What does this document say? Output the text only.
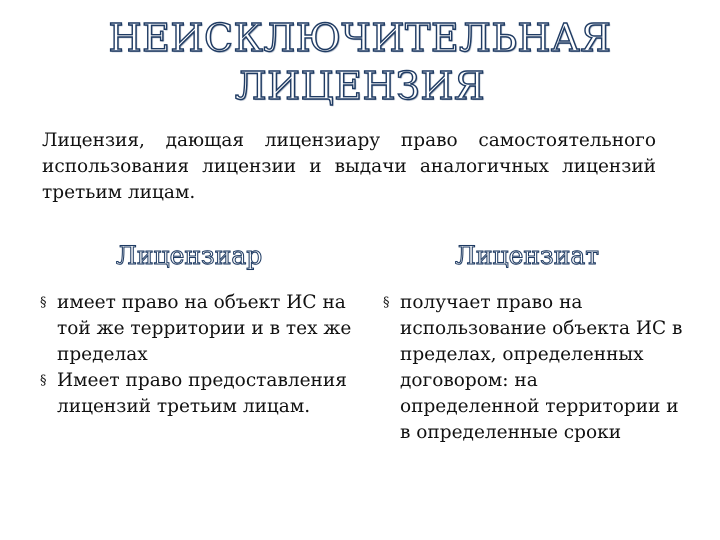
НЕИСКЛЮЧИТЕЛЬНАЯ
ЛИЦЕНЗИЯ
Лицензия, дающая лицензиару право самостоятельного использования лицензии и выдачи аналогичных лицензий третьим лицам.
Лицензиар	Лицензиат
§ имеет право на объект ИС на той же территории и в тех же пределах
§ Имеет право предоставления лицензий третьим лицам.
§ получает право на использование объекта ИС в пределах, определенных договором: на определенной территории и в определенные сроки
